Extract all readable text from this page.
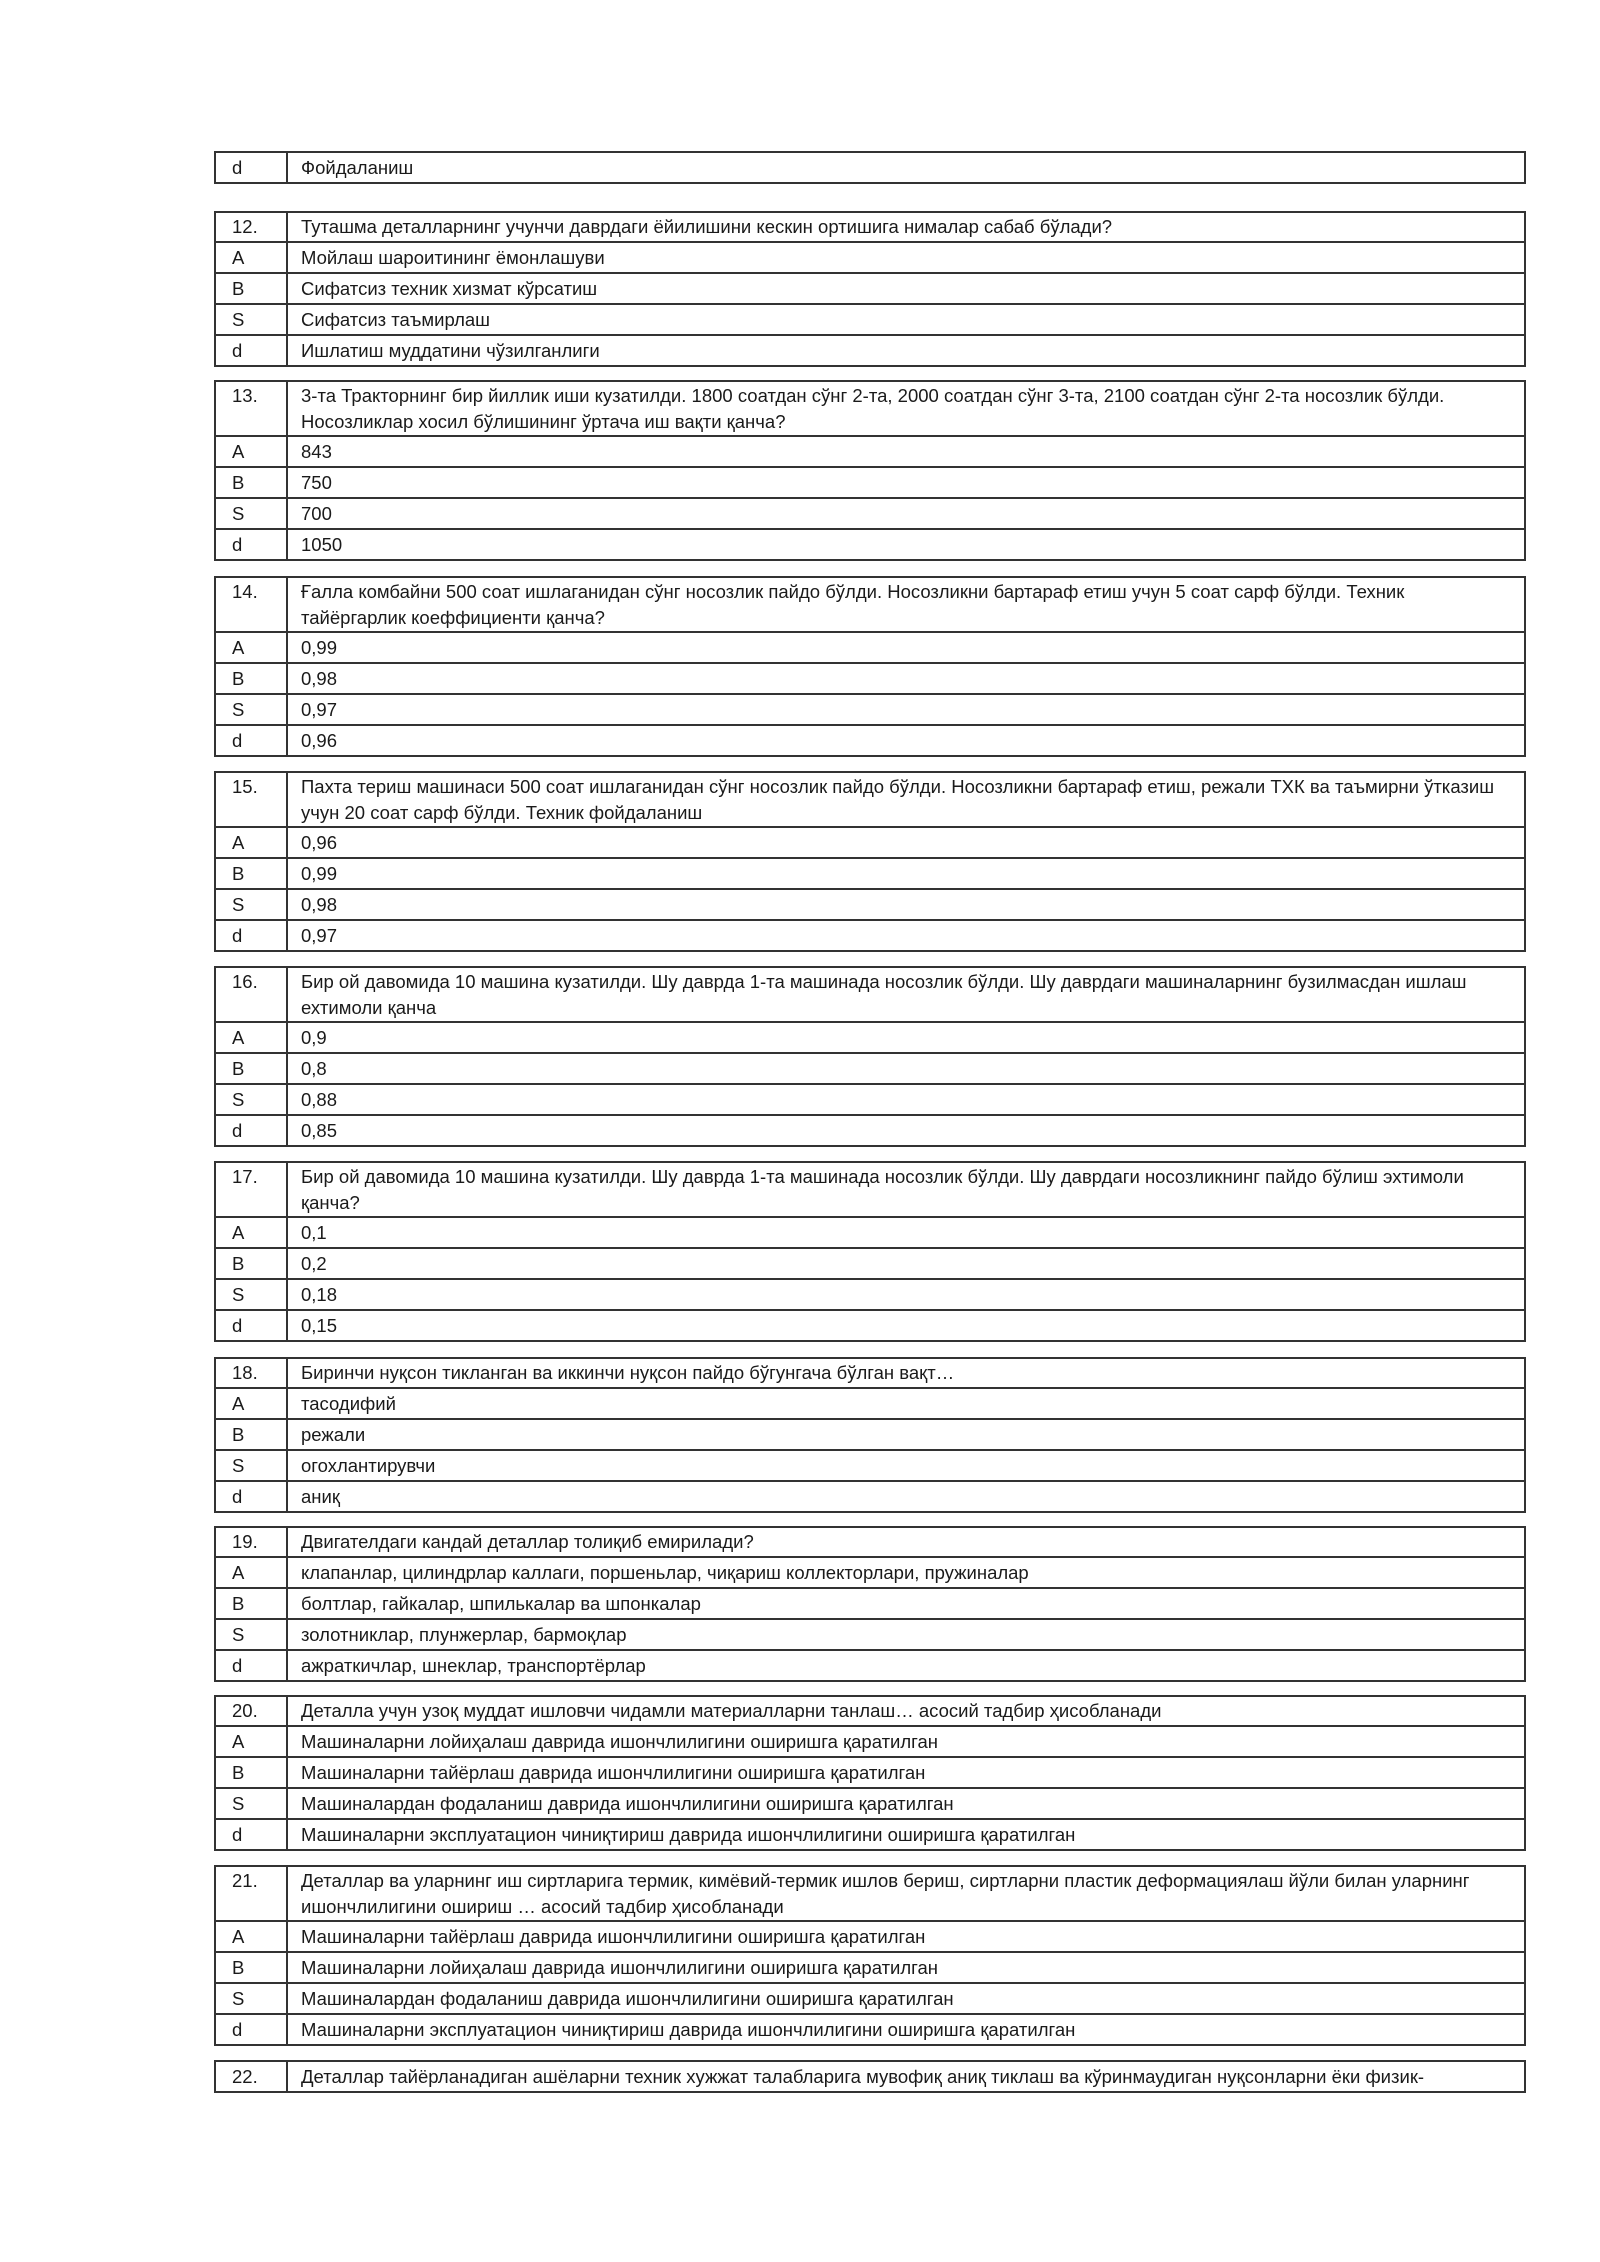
d	Фойдаланиш
12.	Туташма деталларнинг учунчи даврдаги ёйилишини кескин ортишига нималар сабаб бўлади?
A	Мойлаш шароитининг ёмонлашуви
B	Сифатсиз техник хизмат кўрсатиш
S	Сифатсиз таъмирлаш
d	Ишлатиш муддатини чўзилганлиги
13.	3-та Тракторнинг бир йиллик иши кузатилди. 1800 соатдан сўнг 2-та, 2000 соатдан сўнг 3-та, 2100 соатдан сўнг 2-та носозлик бўлди. Носозликлар хосил бўлишининг ўртача иш вақти қанча?
A	843
B	750
S	700
d	1050
14.	Ғалла комбайни 500 соат ишлаганидан сўнг носозлик пайдо бўлди. Носозликни бартараф етиш учун 5 соат сарф бўлди. Техник тайёргарлик коеффициенти қанча?
A	0,99
B	0,98
S	0,97
d	0,96
15.	Пахта териш машинаси 500 соат ишлаганидан сўнг носозлик пайдо бўлди. Носозликни бартараф етиш, режали ТХК ва таъмирни ўтказиш учун 20 соат сарф бўлди. Техник фойдаланиш
A	0,96
B	0,99
S	0,98
d	0,97
16.	Бир ой давомида 10 машина кузатилди. Шу даврда 1-та машинада носозлик бўлди. Шу даврдаги машиналарнинг бузилмасдан ишлаш ехтимоли қанча
A	0,9
B	0,8
S	0,88
d	0,85
17.	Бир ой давомида 10 машина кузатилди. Шу даврда 1-та машинада носозлик бўлди. Шу даврдаги носозликнинг пайдо бўлиш эхтимоли қанча?
A	0,1
B	0,2
S	0,18
d	0,15
18.	Биринчи нуқсон тикланган ва иккинчи нуқсон пайдо бўгунгача бўлган вақт…
A	тасодифий
B	режали
S	огохлантирувчи
d	аниқ
19.	Двигателдаги кандай деталлар толиқиб емирилади?
A	клапанлар, цилиндрлар каллаги, поршеньлар, чиқариш коллекторлари, пружиналар
B	болтлар, гайкалар, шпилькалар ва шпонкалар
S	золотниклар, плунжерлар, бармоқлар
d	ажраткичлар, шнеклар, транспортёрлар
20.	Деталла учун узоқ муддат ишловчи чидамли материалларни танлаш… асосий тадбир ҳисобланади
A	Машиналарни лойиҳалаш даврида ишончлилигини оширишга қаратилган
B	Машиналарни тайёрлаш даврида ишончлилигини оширишга қаратилган
S	Машиналардан фодаланиш даврида ишончлилигини оширишга қаратилган
d	Машиналарни эксплуатацион чиниқтириш даврида ишончлилигини оширишга қаратилган
21.	Деталлар ва уларнинг иш сиртларига термик, кимёвий-термик ишлов бериш, сиртларни пластик деформациялаш йўли билан уларнинг ишончлилигини ошириш … асосий тадбир ҳисобланади
A	Машиналарни тайёрлаш даврида ишончлилигини оширишга қаратилган
B	Машиналарни лойиҳалаш даврида ишончлилигини оширишга қаратилган
S	Машиналардан фодаланиш даврида ишончлилигини оширишга қаратилган
d	Машиналарни эксплуатацион чиниқтириш даврида ишончлилигини оширишга қаратилган
22.	Деталлар тайёрланадиган ашёларни техник хужжат талабларига мувофиқ аниқ тиклаш ва кўринмаудиган нуқсонларни ёки физик-
